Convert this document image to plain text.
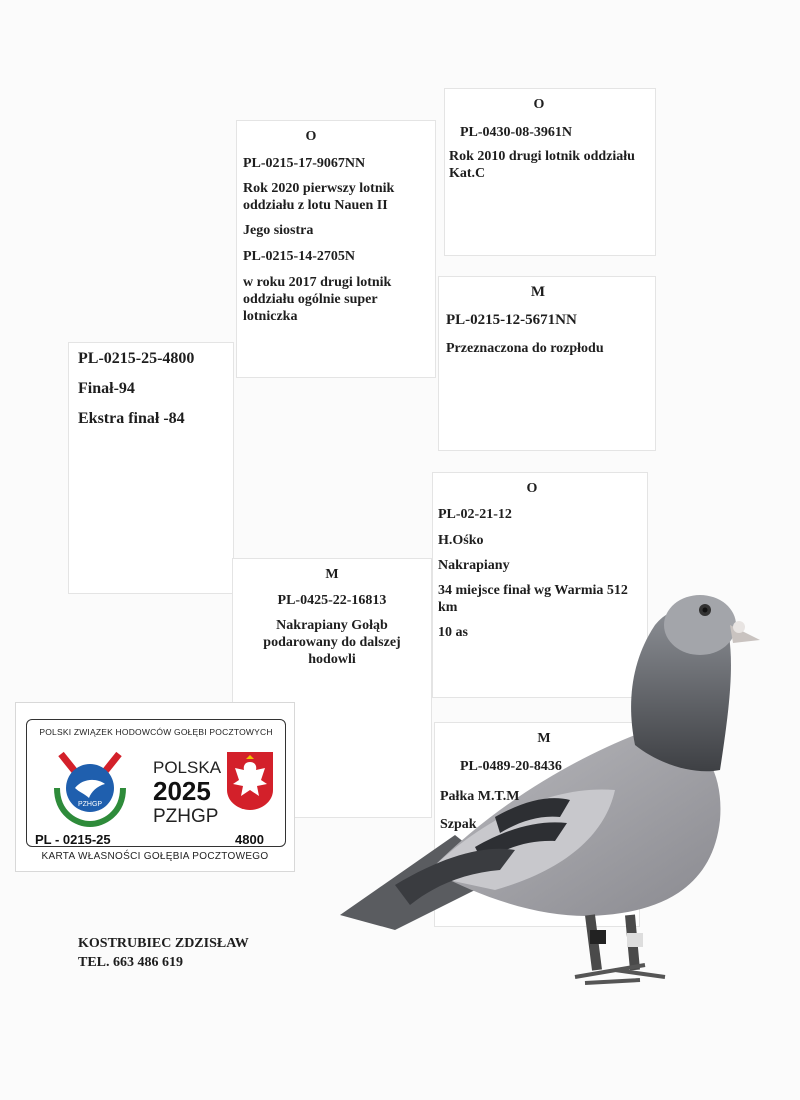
O
PL-0215-17-9067NN
Rok 2020 pierwszy lotnik oddziału z lotu Nauen II
Jego siostra
PL-0215-14-2705N
w roku 2017 drugi lotnik oddziału ogólnie super lotniczka
O
PL-0430-08-3961N
Rok 2010 drugi lotnik oddziału Kat.C
M
PL-0215-12-5671NN
Przeznaczona do rozpłodu
PL-0215-25-4800
Finał-94
Ekstra finał -84
M
PL-0425-22-16813
Nakrapiany Gołąb podarowany do dalszej hodowli
O
PL-02-21-12
H.Ośko
Nakrapiany
34 miejsce finał wg Warmia 512 km
10 as
M
PL-0489-20-8436
Pałka M.T.M
Szpak
POLSKI ZWIĄZEK HODOWCÓW GOŁĘBI POCZTOWYCH
PZHGP
POLSKA
2025
PZHGP
PL - 0215-25	4800
KARTA WŁASNOŚCI GOŁĘBIA POCZTOWEGO
KOSTRUBIEC ZDZISŁAW
TEL. 663 486 619
